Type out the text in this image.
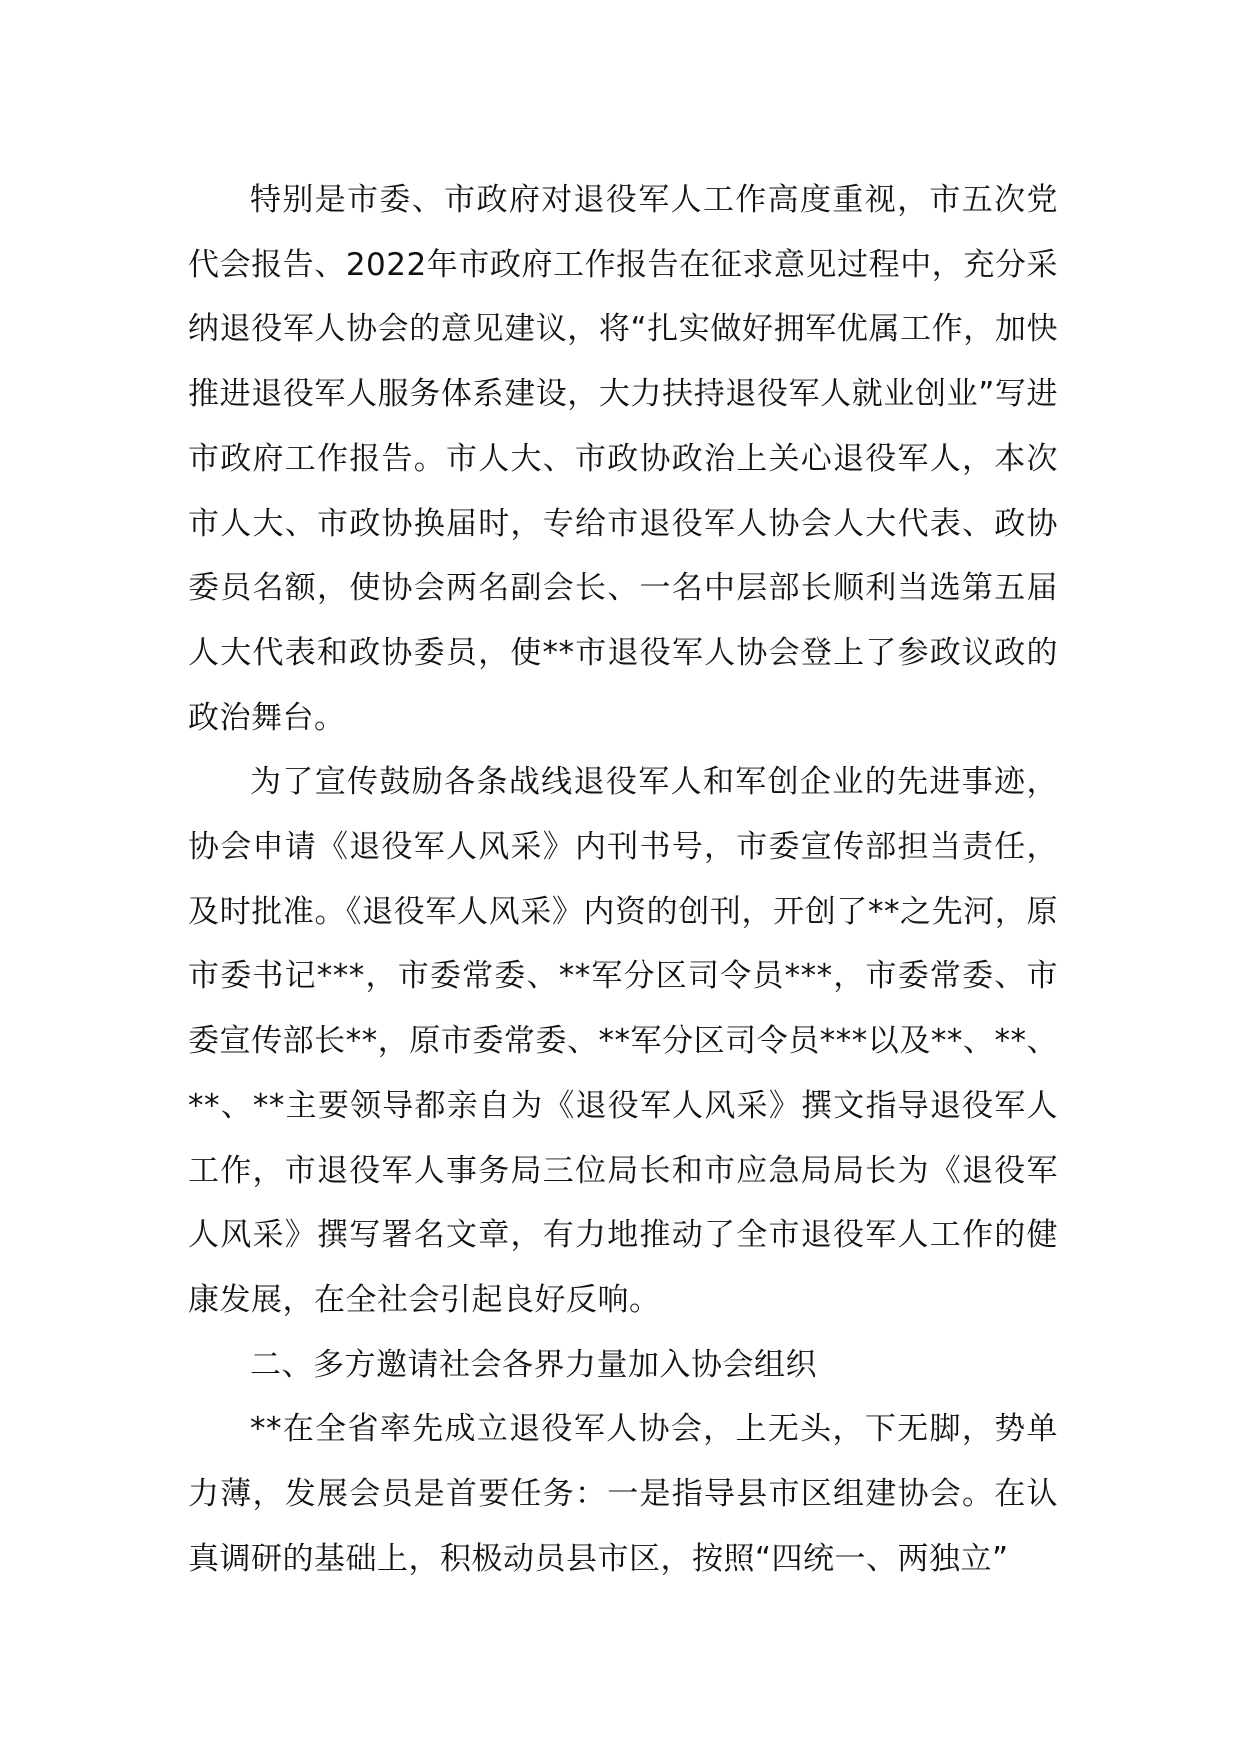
特别是市委、市政府对退役军人工作高度重视，市五次党代会报告、2022年市政府工作报告在征求意见过程中，充分采纳退役军人协会的意见建议，将“扎实做好拥军优属工作，加快推进退役军人服务体系建设，大力扶持退役军人就业创业”写进市政府工作报告。市人大、市政协政治上关心退役军人，本次市人大、市政协换届时，专给市退役军人协会人大代表、政协委员名额，使协会两名副会长、一名中层部长顺利当选第五届人大代表和政协委员，使**市退役军人协会登上了参政议政的政治舞台。

为了宣传鼓励各条战线退役军人和军创企业的先进事迹，协会申请《退役军人风采》内刊书号，市委宣传部担当责任，及时批准。《退役军人风采》内资的创刊，开创了**之先河，原市委书记***，市委常委、**军分区司令员***，市委常委、市委宣传部长**，原市委常委、**军分区司令员***以及**、**、**、**主要领导都亲自为《退役军人风采》撰文指导退役军人工作，市退役军人事务局三位局长和市应急局局长为《退役军人风采》撰写署名文章，有力地推动了全市退役军人工作的健康发展，在全社会引起良好反响。

二、多方邀请社会各界力量加入协会组织

**在全省率先成立退役军人协会，上无头，下无脚，势单力薄，发展会员是首要任务：一是指导县市区组建协会。在认真调研的基础上，积极动员县市区，按照“四统一、两独立”
